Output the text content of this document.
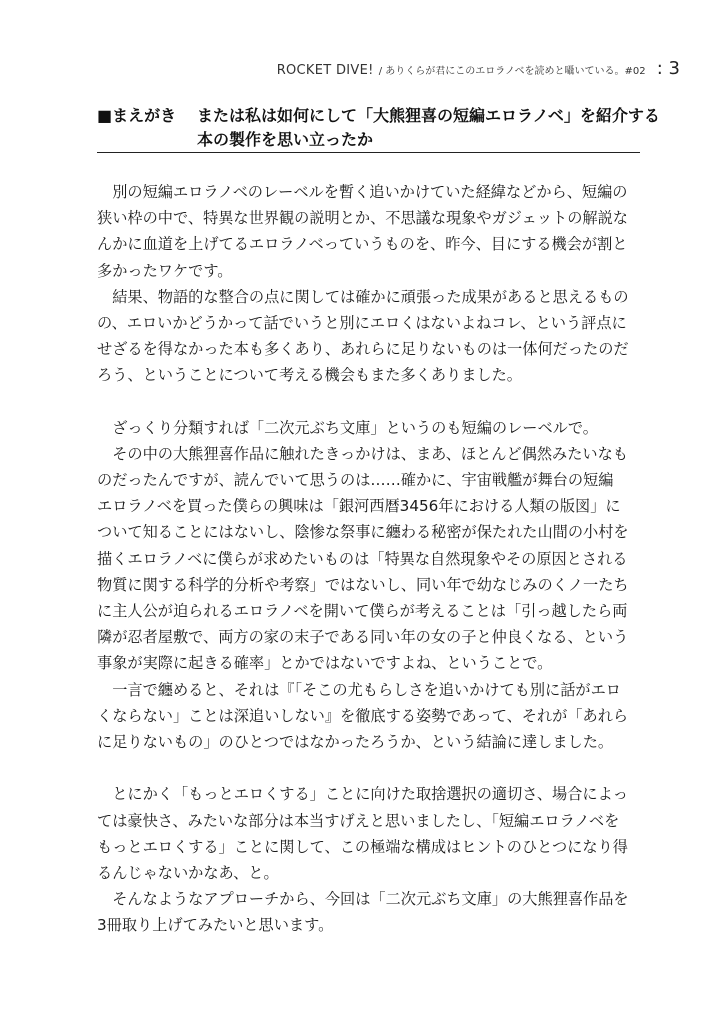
ROCKET DIVE! / ありくらが君にこのエロラノベを読めと囁いている。#02 : 3
■まえがき	または私は如何にして「大熊狸喜の短編エロラノベ」を紹介する
本の製作を思い立ったか
　別の短編エロラノベのレーベルを暫く追いかけていた経緯などから、短編の
狭い枠の中で、特異な世界観の説明とか、不思議な現象やガジェットの解説な
んかに血道を上げてるエロラノベっていうものを、昨今、目にする機会が割と
多かったワケです。
　結果、物語的な整合の点に関しては確かに頑張った成果があると思えるもの
の、エロいかどうかって話でいうと別にエロくはないよねコレ、という評点に
せざるを得なかった本も多くあり、あれらに足りないものは一体何だったのだ
ろう、ということについて考える機会もまた多くありました。
　ざっくり分類すれば「二次元ぶち文庫」というのも短編のレーベルで。
　その中の大熊狸喜作品に触れたきっかけは、まあ、ほとんど偶然みたいなも
のだったんですが、読んでいて思うのは……確かに、宇宙戦艦が舞台の短編
エロラノベを買った僕らの興味は「銀河西暦3456年における人類の版図」に
ついて知ることにはないし、陰惨な祭事に纏わる秘密が保たれた山間の小村を
描くエロラノベに僕らが求めたいものは「特異な自然現象やその原因とされる
物質に関する科学的分析や考察」ではないし、同い年で幼なじみのくノ一たち
に主人公が迫られるエロラノベを開いて僕らが考えることは「引っ越したら両
隣が忍者屋敷で、両方の家の末子である同い年の女の子と仲良くなる、という
事象が実際に起きる確率」とかではないですよね、ということで。
　一言で纏めると、それは『「そこの尤もらしさを追いかけても別に話がエロ
くならない」ことは深追いしない』を徹底する姿勢であって、それが「あれら
に足りないもの」のひとつではなかったろうか、という結論に達しました。
　とにかく「もっとエロくする」ことに向けた取捨選択の適切さ、場合によっ
ては豪快さ、みたいな部分は本当すげえと思いましたし、「短編エロラノベを
もっとエロくする」ことに関して、この極端な構成はヒントのひとつになり得
るんじゃないかなあ、と。
　そんなようなアプローチから、今回は「二次元ぶち文庫」の大熊狸喜作品を
3冊取り上げてみたいと思います。
